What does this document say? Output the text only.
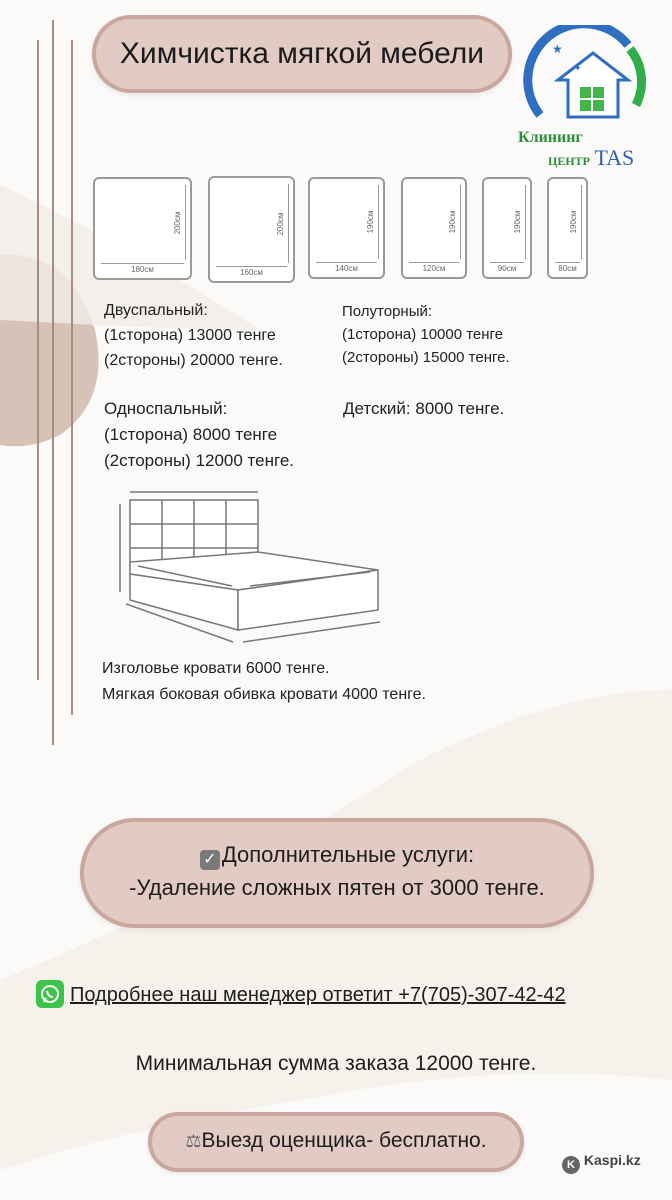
Химчистка мягкой мебели	★
✦
Клининг
ЦЕНТР TAS
200см
180см
200см
160см
190см
140см
190см
120см
190см
90см
190см
80см
Двуспальный:
(1сторона) 13000 тенге
(2стороны) 20000 тенге.
Полуторный:
(1сторона) 10000 тенге
(2стороны) 15000 тенге.
Односпальный:
(1сторона) 8000 тенге
(2стороны) 12000 тенге.
Детский: 8000 тенге.
Изголовье кровати 6000 тенге.
Мягкая боковая обивка кровати 4000 тенге.
✓ Дополнительные услуги:
-Удаление сложных пятен от 3000 тенге.
Подробнее наш менеджер ответит +7(705)-307-42-42
Минимальная сумма заказа 12000 тенге.
⚖Выезд оценщика- бесплатно.
K Kaspi.kz
